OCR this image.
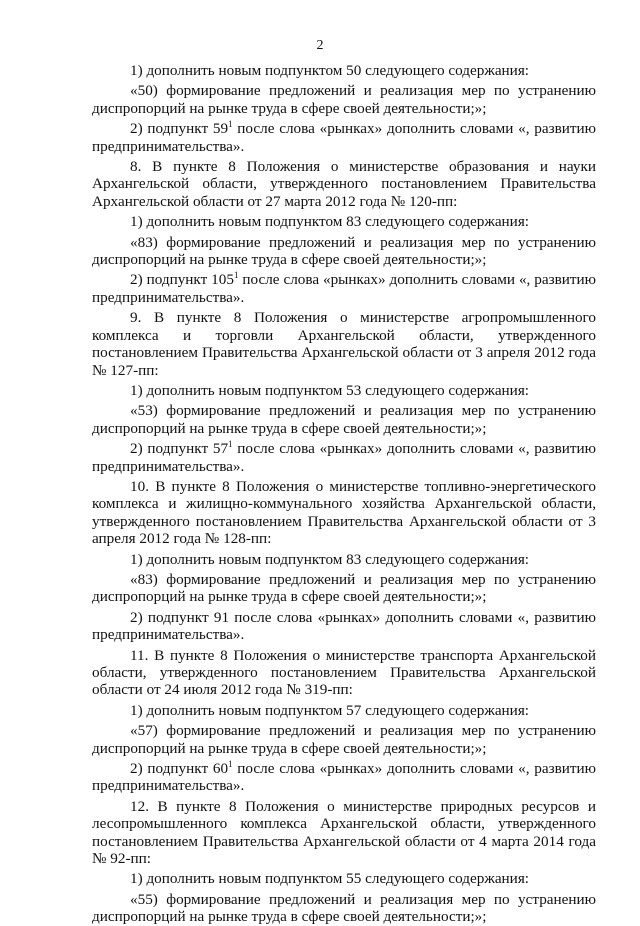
2

1) дополнить новым подпунктом 50 следующего содержания:

«50) формирование предложений и реализация мер по устранению диспропорций на рынке труда в сфере своей деятельности;»;

2) подпункт $59^1$ после слова «рынках» дополнить словами «, развитию предпринимательства».

8. В пункте 8 Положения о министерстве образования и науки Архангельской области, утвержденного постановлением Правительства Архангельской области от 27 марта 2012 года № 120-пп:

1) дополнить новым подпунктом 83 следующего содержания:

«83) формирование предложений и реализация мер по устранению диспропорций на рынке труда в сфере своей деятельности;»;

2) подпункт $105^1$ после слова «рынках» дополнить словами «, развитию предпринимательства».

9. В пункте 8 Положения о министерстве агропромышленного комплекса и торговли Архангельской области, утвержденного постановлением Правительства Архангельской области от 3 апреля 2012 года № 127-пп:

1) дополнить новым подпунктом 53 следующего содержания:

«53) формирование предложений и реализация мер по устранению диспропорций на рынке труда в сфере своей деятельности;»;

2) подпункт $57^1$ после слова «рынках» дополнить словами «, развитию предпринимательства».

10. В пункте 8 Положения о министерстве топливно-энергетического комплекса и жилищно-коммунального хозяйства Архангельской области, утвержденного постановлением Правительства Архангельской области от 3 апреля 2012 года № 128-пп:

1) дополнить новым подпунктом 83 следующего содержания:

«83) формирование предложений и реализация мер по устранению диспропорций на рынке труда в сфере своей деятельности;»;

2) подпункт 91 после слова «рынках» дополнить словами «, развитию предпринимательства».

11. В пункте 8 Положения о министерстве транспорта Архангельской области, утвержденного постановлением Правительства Архангельской области от 24 июля 2012 года № 319-пп:

1) дополнить новым подпунктом 57 следующего содержания:

«57) формирование предложений и реализация мер по устранению диспропорций на рынке труда в сфере своей деятельности;»;

2) подпункт $60^1$ после слова «рынках» дополнить словами «, развитию предпринимательства».

12. В пункте 8 Положения о министерстве природных ресурсов и лесопромышленного комплекса Архангельской области, утвержденного постановлением Правительства Архангельской области от 4 марта 2014 года № 92-пп:

1) дополнить новым подпунктом 55 следующего содержания:

«55) формирование предложений и реализация мер по устранению диспропорций на рынке труда в сфере своей деятельности;»;
